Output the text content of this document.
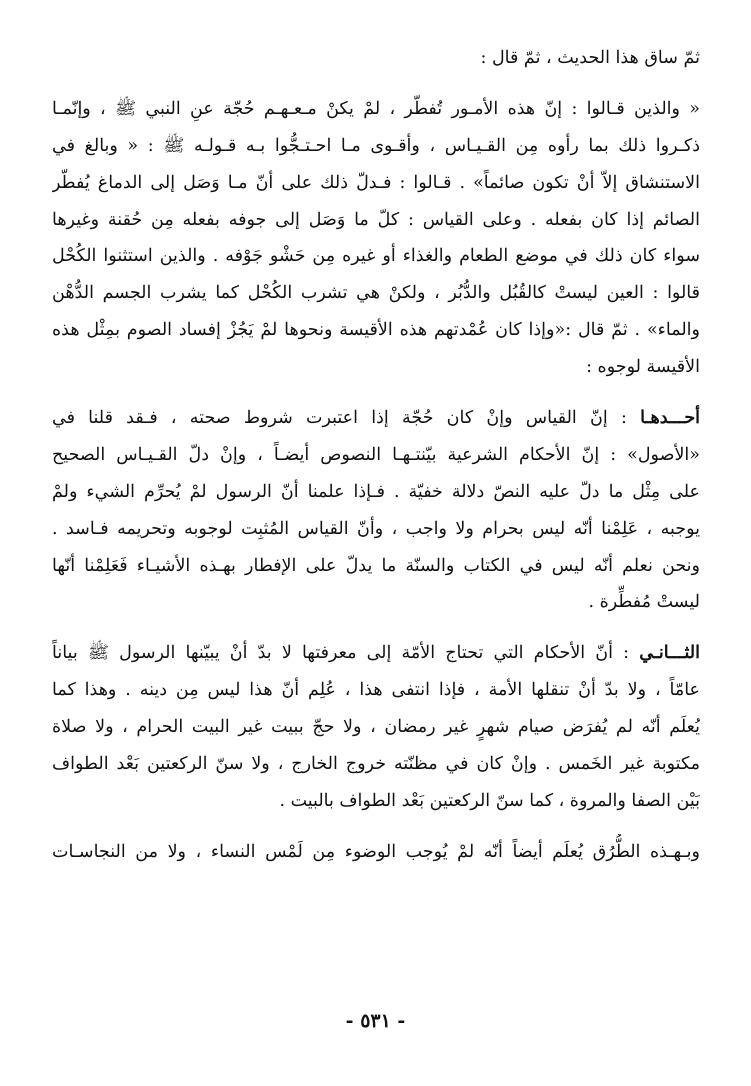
ثمّ ساق هذا الحديث ، ثمّ قال :
« والذين قـالوا : إنّ هذه الأمـور تُفطّر ، لمْ يكنْ مـعـهـم حُجّة عنِ النبي ﷺ ، وإنّمـا
ذكـروا ذلك بما رأوه مِن القـيـاس ، وأقـوى مـا احـتـجُّوا بـه قـولـه ﷺ : « وبالغ في
الاستنشاق إلاّ أنْ تكون صائماً» . قـالوا : فـدلّ ذلك على أنّ مـا وَصَل إلى الدماغ يُفطّر
الصائم إذا كان بفعله . وعلى القياس : كلّ ما وَصَل إلى جوفه بفعله مِن حُقنة وغيرها
سواء كان ذلك في موضع الطعام والغذاء أو غيره مِن حَشْو جَوْفه . والذين استثنوا الكُحْل
قالوا : العين ليستْ كالقُبُل والدُّبُر ، ولكنْ هي تشرب الكُحْل كما يشرب الجسم الدُّهْن
والماء» . ثمّ قال :«وإذا كان عُمْدتهم هذه الأقيسة ونحوها لمْ يَجُزْ إفساد الصوم بمِثْل هذه
الأقيسة لوجوه :
أحـــدهـا : إنّ القياس وإنْ كان حُجّة إذا اعتبرت شروط صحته ، فـقد قلنا في
«الأصول» : إنّ الأحكام الشرعية بيّنتـهـا النصوص أيضـاً ، وإنْ دلّ القـيـاس الصحيح
على مِثْل ما دلّ عليه النصّ دلالة خفيّة . فـإذا علمنا أنّ الرسول لمْ يُحرِّم الشيء ولمْ
يوجبه ، عَلِمْنا أنّه ليس بحرام ولا واجب ، وأنّ القياس المُثبِت لوجوبه وتحريمه فـاسد .
ونحن نعلم أنّه ليس في الكتاب والسنّة ما يدلّ على الإفطار بهـذه الأشيـاء فَعَلِمْنا أنّها
ليستْ مُفطِّرة .
الثـــانـي : أنّ الأحكام التي تحتاج الأمّة إلى معرفتها لا بدّ أنْ يبيّنها الرسول ﷺ بياناً
عامّاً ، ولا بدّ أنْ تنقلها الأمة ، فإذا انتفى هذا ، عُلِم أنّ هذا ليس مِن دينه . وهذا كما
يُعلَم أنّه لم يُفرَض صيام شهرٍ غير رمضان ، ولا حجّ ببيت غير البيت الحرام ، ولا صلاة
مكتوبة غير الخَمس . وإنْ كان في مظنّته خروج الخارج ، ولا سنّ الركعتين بَعْد الطواف
بَيْن الصفا والمروة ، كما سنّ الركعتين بَعْد الطواف بالبيت .
وبـهـذه الطُّرُق يُعلَم أيضاً أنّه لمْ يُوجب الوضوء مِن لَمْس النساء ، ولا من النجاسـات
- ٥٣١ -
